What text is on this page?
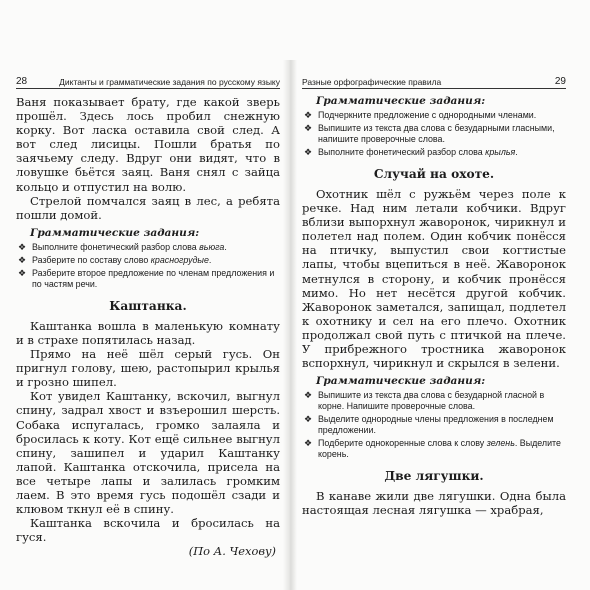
28	Диктанты и грамматические задания по русскому языку

Ваня показывает брату, где какой зверь прошёл. Здесь лось пробил снежную корку. Вот ласка оставила свой след. А вот след лисицы. Пошли братья по заячьему следу. Вдруг они видят, что в ловушке бьётся заяц. Ваня снял с зайца кольцо и отпустил на волю.

Стрелой помчался заяц в лес, а ребята пошли домой.

Грамматические задания:
❖ Выполните фонетический разбор слова вьюга.
❖ Разберите по составу слово красногрудые.
❖ Разберите второе предложение по членам предложения и по частям речи.
Каштанка.

Каштанка вошла в маленькую комнату и в страхе попятилась назад.

Прямо на неё шёл серый гусь. Он пригнул голову, шею, растопырил крылья и грозно шипел.

Кот увидел Каштанку, вскочил, выгнул спину, задрал хвост и взъерошил шерсть. Собака испугалась, громко залаяла и бросилась к коту. Кот ещё сильнее выгнул спину, зашипел и ударил Каштанку лапой. Каштанка отскочила, присела на все четыре лапы и залилась громким лаем. В это время гусь подошёл сзади и клювом ткнул её в спину.

Каштанка вскочила и бросилась на гуся.

(По А. Чехову)
Разные орфографические правила	29
Грамматические задания:
❖ Подчеркните предложение с однородными членами.
❖ Выпишите из текста два слова с безударными гласными, напишите проверочные слова.
❖ Выполните фонетический разбор слова крылья.
Случай на охоте.

Охотник шёл с ружьём через поле к речке. Над ним летали кобчики. Вдруг вблизи выпорхнул жаворонок, чирикнул и полетел над полем. Один кобчик понёсся на птичку, выпустил свои когтистые лапы, чтобы вцепиться в неё. Жаворонок метнулся в сторону, и кобчик пронёсся мимо. Но нет несётся другой кобчик. Жаворонок заметался, запищал, подлетел к охотнику и сел на его плечо. Охотник продолжал свой путь с птичкой на плече. У прибрежного тростника жаворонок вспорхнул, чирикнул и скрылся в зелени.

Грамматические задания:
❖ Выпишите из текста два слова с безударной гласной в корне. Напишите проверочные слова.
❖ Выделите однородные члены предложения в последнем предложении.
❖ Подберите однокоренные слова к слову зелень. Выделите корень.
Две лягушки.

В канаве жили две лягушки. Одна была настоящая лесная лягушка — храбрая,
